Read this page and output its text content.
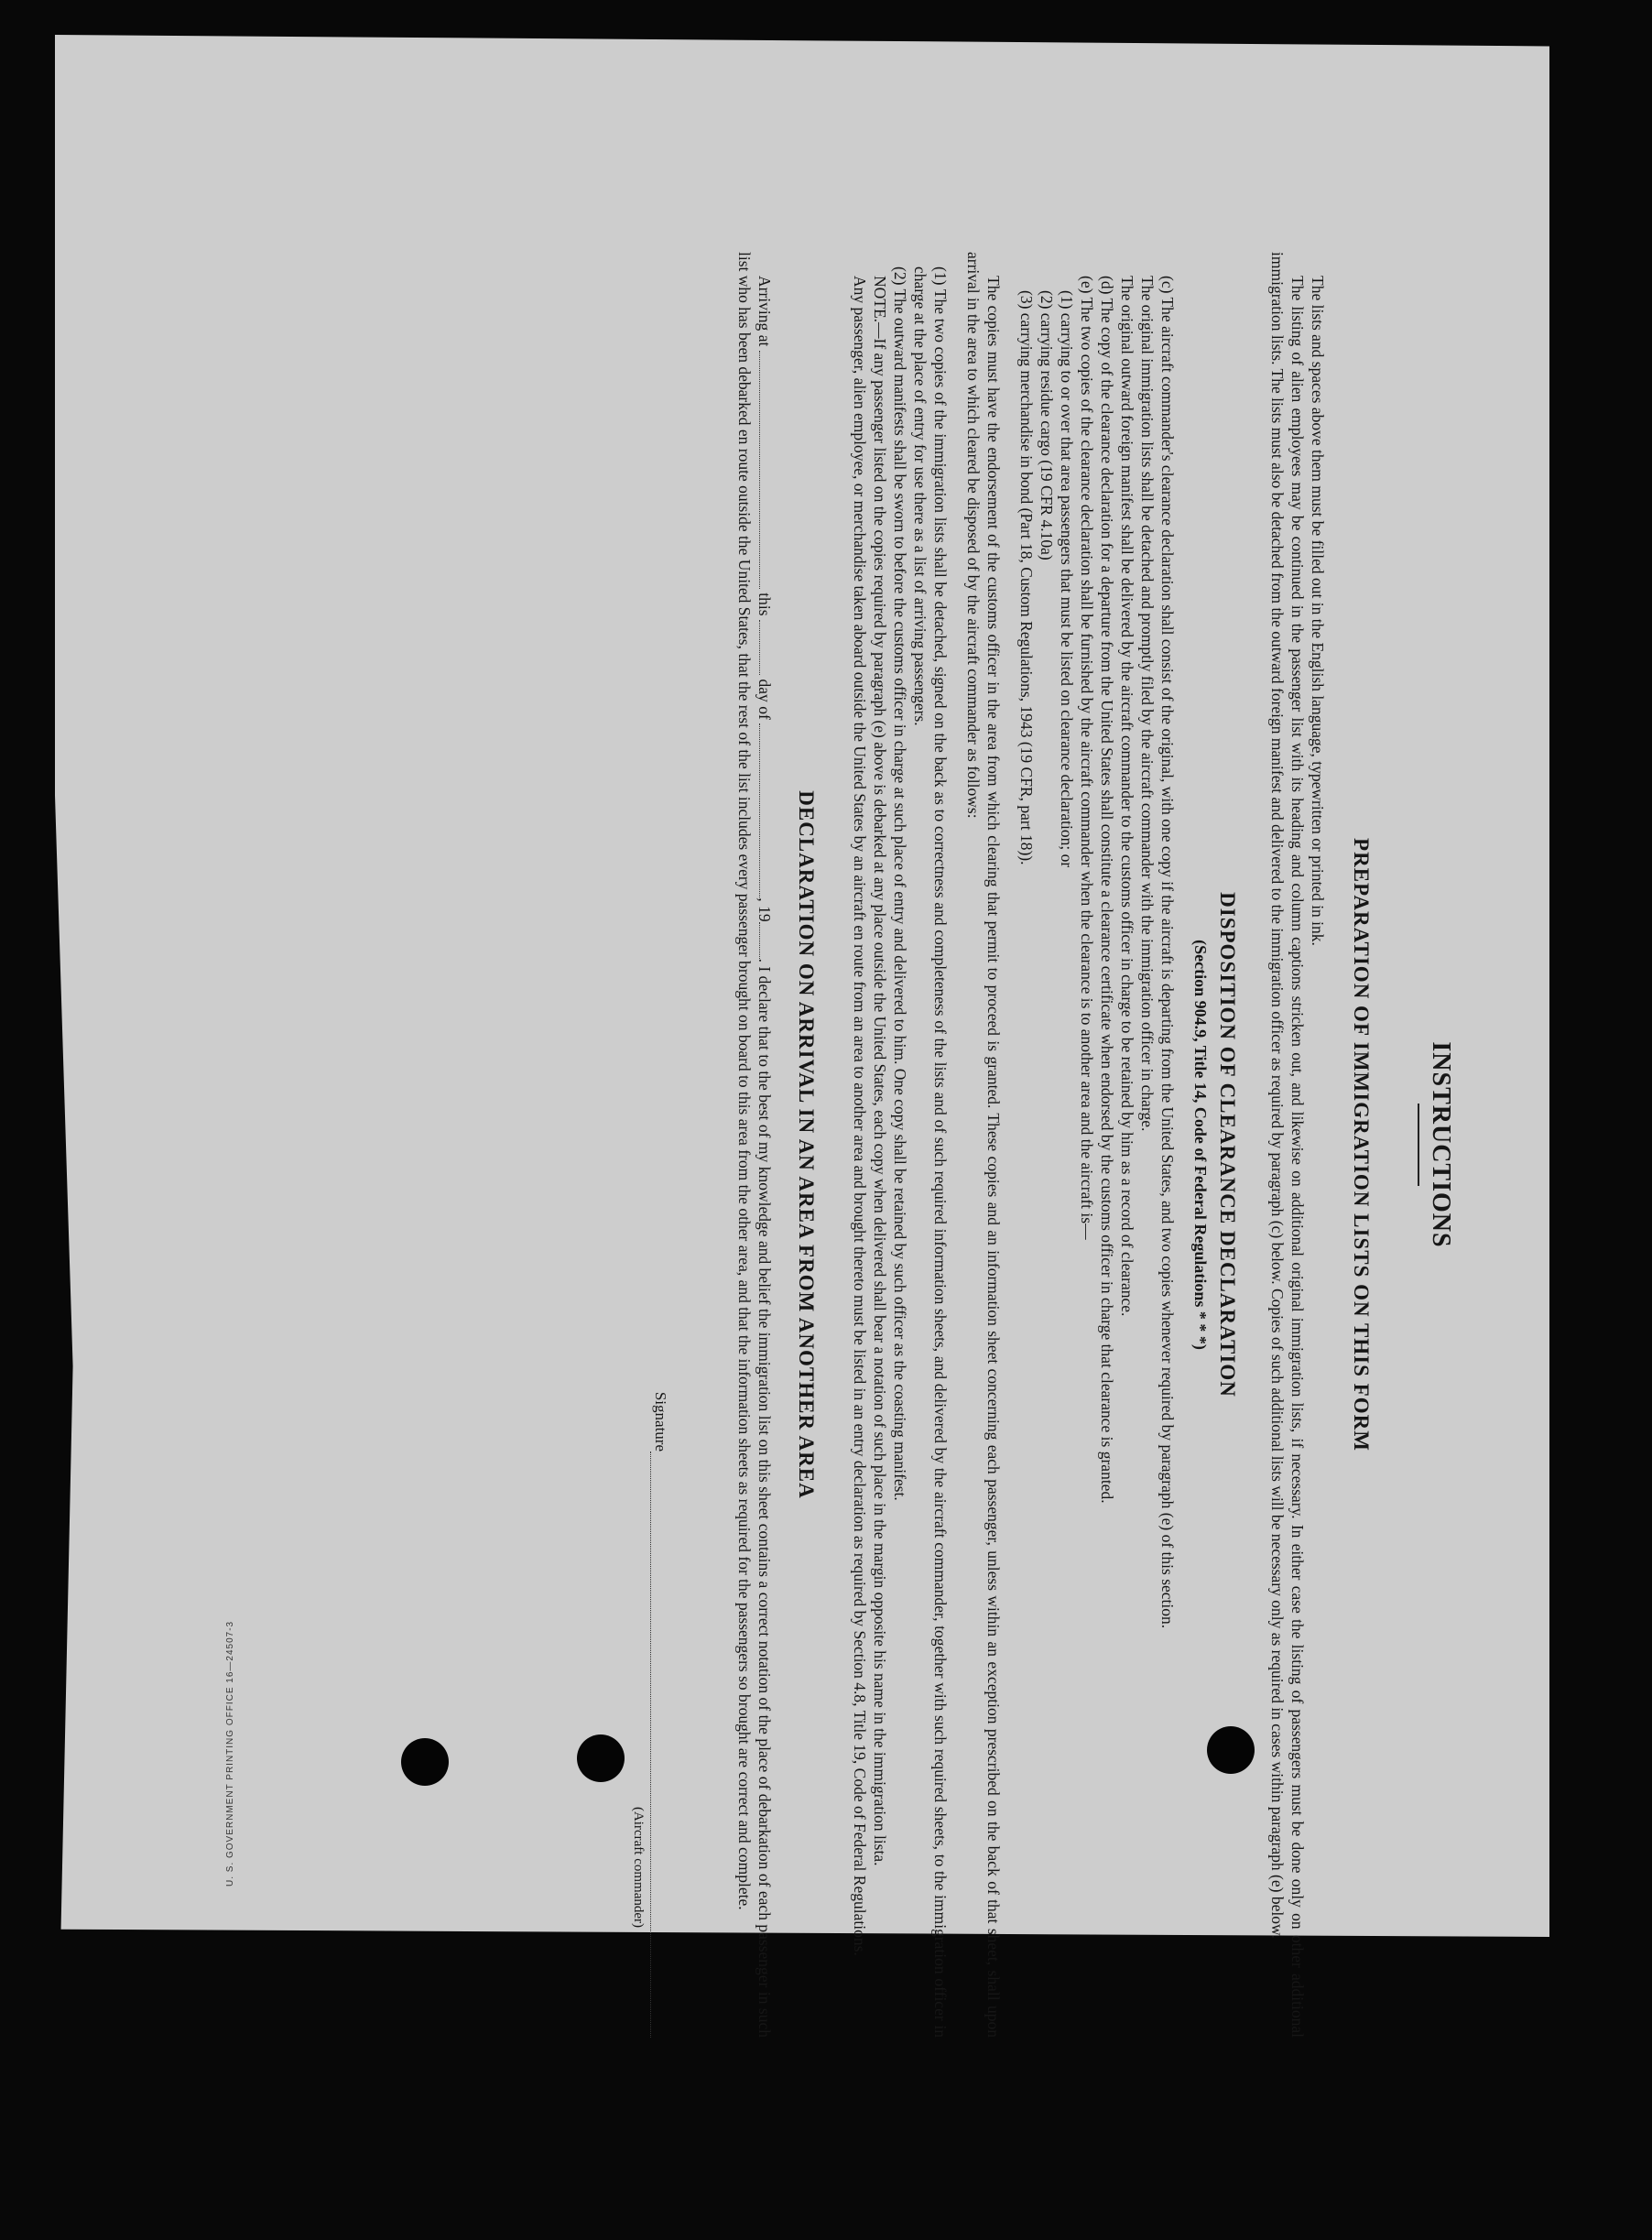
INSTRUCTIONS
PREPARATION OF IMMIGRATION LISTS ON THIS FORM

The lists and spaces above them must be filled out in the English language, typewritten or printed in ink.

The listing of alien employees may be continued in the passenger list with its heading and column captions stricken out, and likewise on additional original immigration lists, if necessary. In either case the listing of passengers must be done only on other additional immigration lists. The lists must also be detached from the outward foreign manifest and delivered to the immigration officer as required by paragraph (c) below. Copies of such additional lists will be necessary only as required in cases within paragraph (e) below.

DISPOSITION OF CLEARANCE DECLARATION
(Section 904.9, Title 14, Code of Federal Regulations * * *)

(c) The aircraft commander's clearance declaration shall consist of the original, with one copy if the aircraft is departing from the United States, and two copies whenever required by paragraph (e) of this section.

The original immigration lists shall be detached and promptly filed by the aircraft commander with the immigration officer in charge.

The original outward foreign manifest shall be delivered by the aircraft commander to the customs officer in charge to be retained by him as a record of clearance.

(d) The copy of the clearance declaration for a departure from the United States shall constitute a clearance certificate when endorsed by the customs officer in charge that clearance is granted.

(e) The two copies of the clearance declaration shall be furnished by the aircraft commander when the clearance is to another area and the aircraft is—

(1) carrying to or over that area passengers that must be listed on clearance declaration; or

(2) carrying residue cargo (19 CFR 4.10a)

(3) carrying merchandise in bond (Part 18, Custom Regulations, 1943 (19 CFR, part 18)).

The copies must have the endorsement of the customs officer in the area from which clearing that permit to proceed is granted. These copies and an information sheet concerning each passenger, unless within an exception prescribed on the back of that sheet, shall upon arrival in the area to which cleared be disposed of by the aircraft commander as follows:

(1) The two copies of the immigration lists shall be detached, signed on the back as to correctness and completeness of the lists and of such required information sheets, and delivered by the aircraft commander, together with such required sheets, to the immigration officer in charge at the place of entry for use there as a list of arriving passengers.

(2) The outward manifests shall be sworn to before the customs officer in charge at such place of entry and delivered to him. One copy shall be retained by such officer as the coasting manifest.

NOTE.—If any passenger listed on the copies required by paragraph (e) above is debarked at any place outside the United States, each copy when delivered shall bear a notation of such place in the margin opposite his name in the immigration lista.

Any passenger, alien employee, or merchandise taken aboard outside the United States by an aircraft en route from an area to another area and brought thereto must be listed in an entry declaration as required by Section 4.8, Title 19, Code of Federal Regulations.

DECLARATION ON ARRIVAL IN AN AREA FROM ANOTHER AREA

Arriving at  this  day of , 19. I declare that to the best of my knowledge and belief the immigration list on this sheet contains a correct notation of the place of debarkation of each passenger in such list who has been debarked en route outside the United States, that the rest of the list includes every passenger brought on board to this area from the other area, and that the information sheets as required for the passengers so brought are correct and complete.

Signature
(Aircraft commander)
U. S. GOVERNMENT PRINTING OFFICE 16—24507-3
